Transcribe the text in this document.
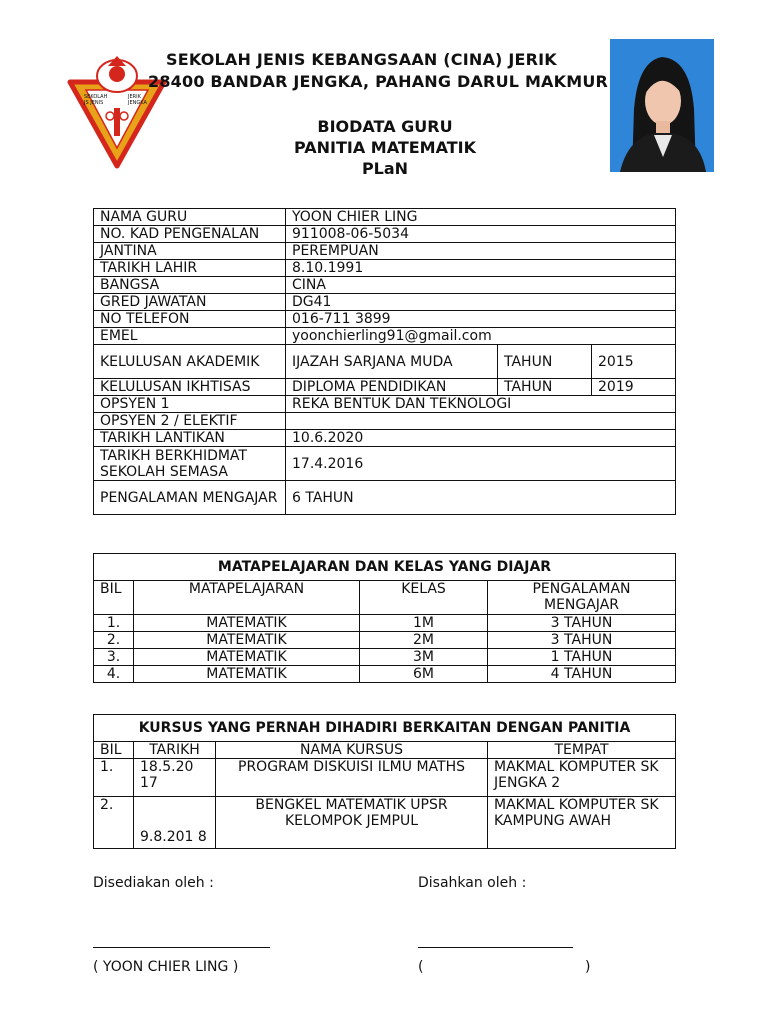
SEKOLAH	JERIK
JS JENIS	JENGKA
SEKOLAH JENIS KEBANGSAAN (CINA) JERIK
28400 BANDAR JENGKA, PAHANG DARUL MAKMUR
BIODATA GURU
PANITIA MATEMATIK
PLaN
NAMA GURU	YOON CHIER LING		
NO. KAD PENGENALAN	911008-06-5034		
JANTINA	PEREMPUAN		
TARIKH LAHIR	8.10.1991		
BANGSA	CINA		
GRED JAWATAN	DG41		
NO TELEFON	016-711 3899		
EMEL	yoonchierling91@gmail.com		
KELULUSAN AKADEMIK	IJAZAH SARJANA MUDA	TAHUN	2015
KELULUSAN IKHTISAS	DIPLOMA PENDIDIKAN	TAHUN	2019
OPSYEN 1	REKA BENTUK DAN TEKNOLOGI		
OPSYEN 2 / ELEKTIF			
TARIKH LANTIKAN	10.6.2020		
TARIKH BERKHIDMAT SEKOLAH SEMASA	17.4.2016		
PENGALAMAN MENGAJAR	6 TAHUN		
MATAPELAJARAN DAN KELAS YANG DIAJAR			
BIL	MATAPELAJARAN	KELAS	PENGALAMAN MENGAJAR
1.	MATEMATIK	1M	3 TAHUN
2.	MATEMATIK	2M	3 TAHUN
3.	MATEMATIK	3M	1 TAHUN
4.	MATEMATIK	6M	4 TAHUN
KURSUS YANG PERNAH DIHADIRI BERKAITAN DENGAN PANITIA			
BIL	TARIKH	NAMA KURSUS	TEMPAT
1.	18.5.20 17	PROGRAM DISKUISI ILMU MATHS	MAKMAL KOMPUTER SK JENGKA 2
2.	9.8.201 8	BENGKEL MATEMATIK UPSR KELOMPOK JEMPUL	MAKMAL KOMPUTER SK KAMPUNG AWAH
Disediakan oleh :	Disahkan oleh :
( YOON CHIER LING )	(	)
